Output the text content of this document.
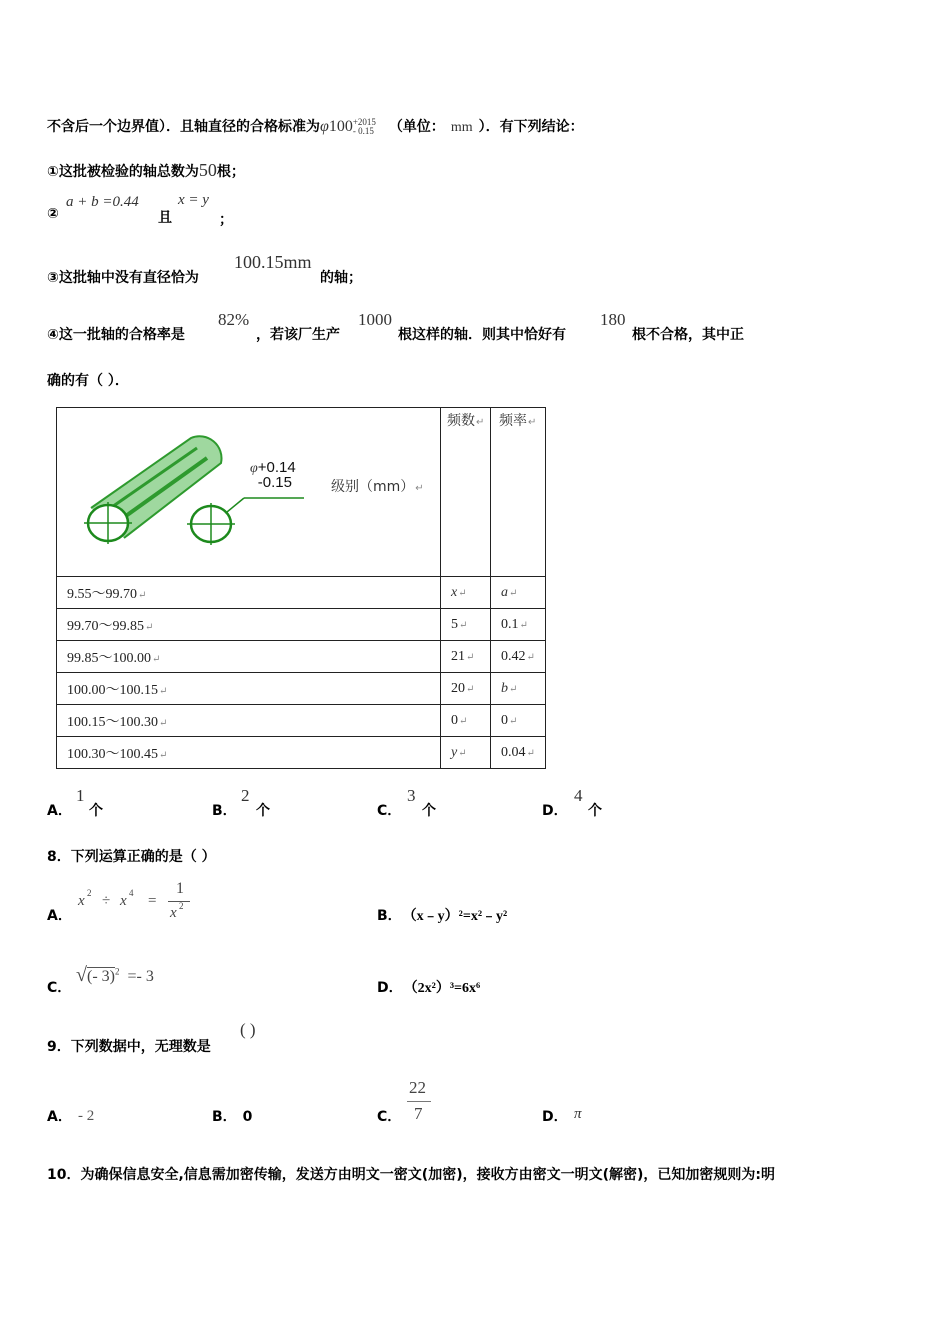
不含后一个边界值）．且轴直径的合格标准为φ100 +2015
- 0.15 （单位： mm ）．有下列结论：
①这批被检验的轴总数为50根；
②
a + b =0.44
且
x = y
；
③这批轴中没有直径恰为
100.15mm
的轴；
④这一批轴的合格率是
82%
，若该厂生产
1000
根这样的轴．则其中恰好有
180
根不合格，其中正
确的有（ ）．
φ +0.14
-0.15 级别（mm）↵	频数↵	频率↵
9.55～99.70↵	x↵	a↵
99.70～99.85↵	5↵	0.1↵
99.85～100.00↵	21↵	0.42↵
100.00～100.15↵	20↵	b↵
100.15～100.30↵	0↵	0↵
100.30～100.45↵	y↵	0.04↵
A．
1
个	B．
2
个	C．
3
个	D．
4
个
8．下列运算正确的是（ ）
A．
x 2 ÷ x 4 =
1
x 2
B． （x﹣y）²=x²﹣y²
C．
√(- 3)$^2$ =- 3
D． （2x²）³=6x⁶
9．下列数据中，无理数是
( )
A． - 2	B． 0	C．
22
7	D． π
10．为确保信息安全,信息需加密传输，发送方由明文一密文(加密)，接收方由密文一明文(解密)，已知加密规则为:明
